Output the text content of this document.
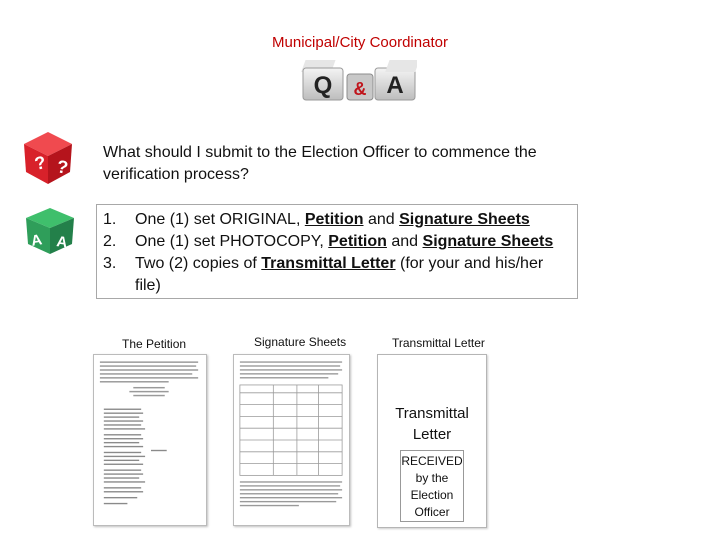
Municipal/City Coordinator
Q & A
? ?
A A
What should I submit to the Election Officer to commence the verification process?
1. One (1) set ORIGINAL, Petition and Signature Sheets
2. One (1) set PHOTOCOPY, Petition and Signature Sheets
3. Two (2) copies of Transmittal Letter (for your and his/her file)
The Petition	Signature Sheets	Transmittal Letter
Transmittal
Letter
RECEIVED
by the
Election
Officer
